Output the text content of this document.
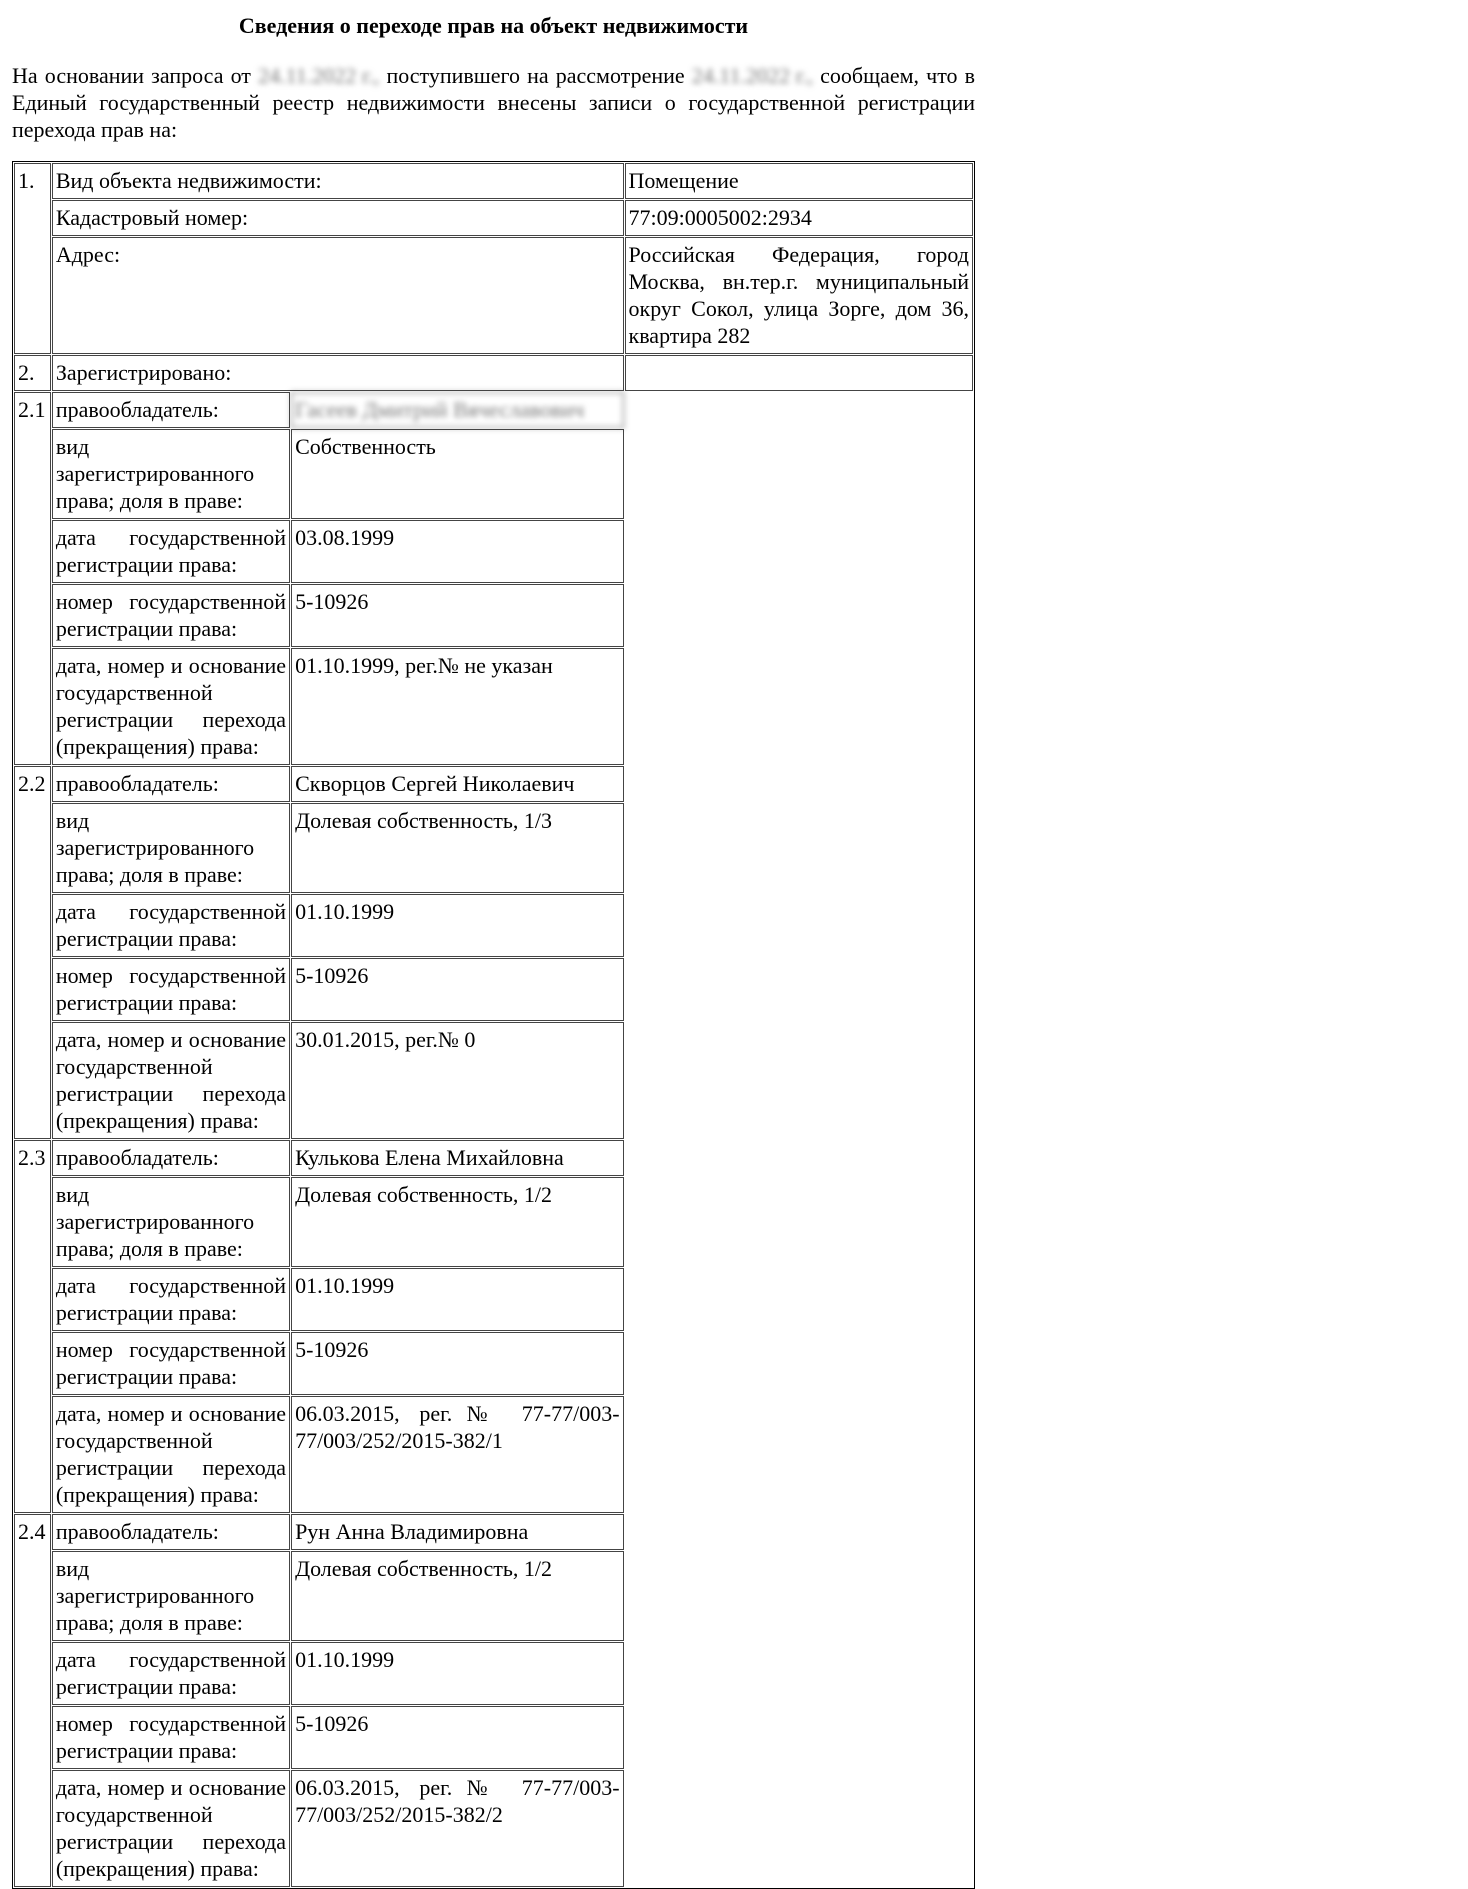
Сведения о переходе прав на объект недвижимости

На основании запроса от 24.11.2022 г., поступившего на рассмотрение 24.11.2022 г., сообщаем, что в Единый государственный реестр недвижимости внесены записи о государственной регистрации перехода прав на:

1.	Вид объекта недвижимости:		Помещение
	Кадастровый номер:		77:09:0005002:2934
	Адрес:		Российская Федерация, город Москва, вн.тер.г. муниципальный округ Сокол, улица Зорге, дом 36, квартира 282
2.	Зарегистрировано:		
2.1	правообладатель:	Гасеев Дмитрий Вячеславович	
	вид зарегистрированного права; доля в праве:	Собственность	
	дата государственной регистрации права:	03.08.1999	
	номер государственной регистрации права:	5-10926	
	дата, номер и основание государственной регистрации перехода (прекращения) права:	01.10.1999, рег.№ не указан	
2.2	правообладатель:	Скворцов Сергей Николаевич	
	вид зарегистрированного права; доля в праве:	Долевая собственность, 1/3	
	дата государственной регистрации права:	01.10.1999	
	номер государственной регистрации права:	5-10926	
	дата, номер и основание государственной регистрации перехода (прекращения) права:	30.01.2015, рег.№ 0	
2.3	правообладатель:	Кулькова Елена Михайловна	
	вид зарегистрированного права; доля в праве:	Долевая собственность, 1/2	
	дата государственной регистрации права:	01.10.1999	
	номер государственной регистрации права:	5-10926	
	дата, номер и основание государственной регистрации перехода (прекращения) права:	06.03.2015, рег.№ 77-77/003-77/003/252/2015-382/1	
2.4	правообладатель:	Рун Анна Владимировна	
	вид зарегистрированного права; доля в праве:	Долевая собственность, 1/2	
	дата государственной регистрации права:	01.10.1999	
	номер государственной регистрации права:	5-10926	
	дата, номер и основание государственной регистрации перехода (прекращения) права:	06.03.2015, рег.№ 77-77/003-77/003/252/2015-382/2	
